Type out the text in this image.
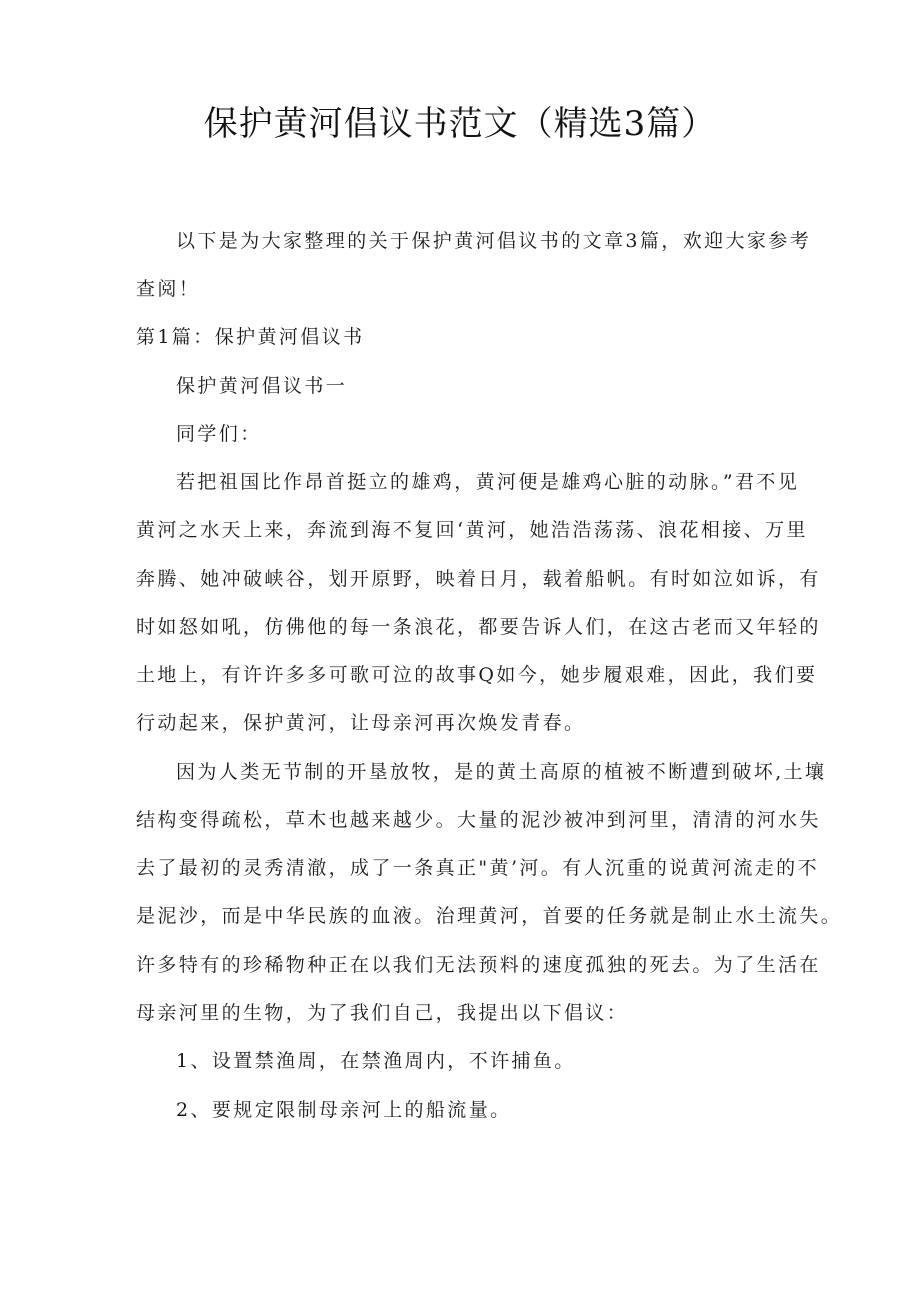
保护黄河倡议书范文（精选3篇）
以下是为大家整理的关于保护黄河倡议书的文章3篇，欢迎大家参考
查阅！
第1篇：保护黄河倡议书
保护黄河倡议书一
同学们：
若把祖国比作昂首挺立的雄鸡，黄河便是雄鸡心脏的动脉。”君不见
黄河之水天上来，奔流到海不复回‘黄河，她浩浩荡荡、浪花相接、万里
奔腾、她冲破峡谷，划开原野，映着日月，载着船帆。有时如泣如诉，有
时如怒如吼，仿佛他的每一条浪花，都要告诉人们，在这古老而又年轻的
土地上，有许许多多可歌可泣的故事Q如今，她步履艰难，因此，我们要
行动起来，保护黄河，让母亲河再次焕发青春。
因为人类无节制的开垦放牧，是的黄土高原的植被不断遭到破坏,土壤
结构变得疏松，草木也越来越少。大量的泥沙被冲到河里，清清的河水失
去了最初的灵秀清澈，成了一条真正"黄’河。有人沉重的说黄河流走的不
是泥沙，而是中华民族的血液。治理黄河，首要的任务就是制止水土流失。
许多特有的珍稀物种正在以我们无法预料的速度孤独的死去。为了生活在
母亲河里的生物，为了我们自己，我提出以下倡议：
1、设置禁渔周，在禁渔周内，不许捕鱼。
2、要规定限制母亲河上的船流量。
